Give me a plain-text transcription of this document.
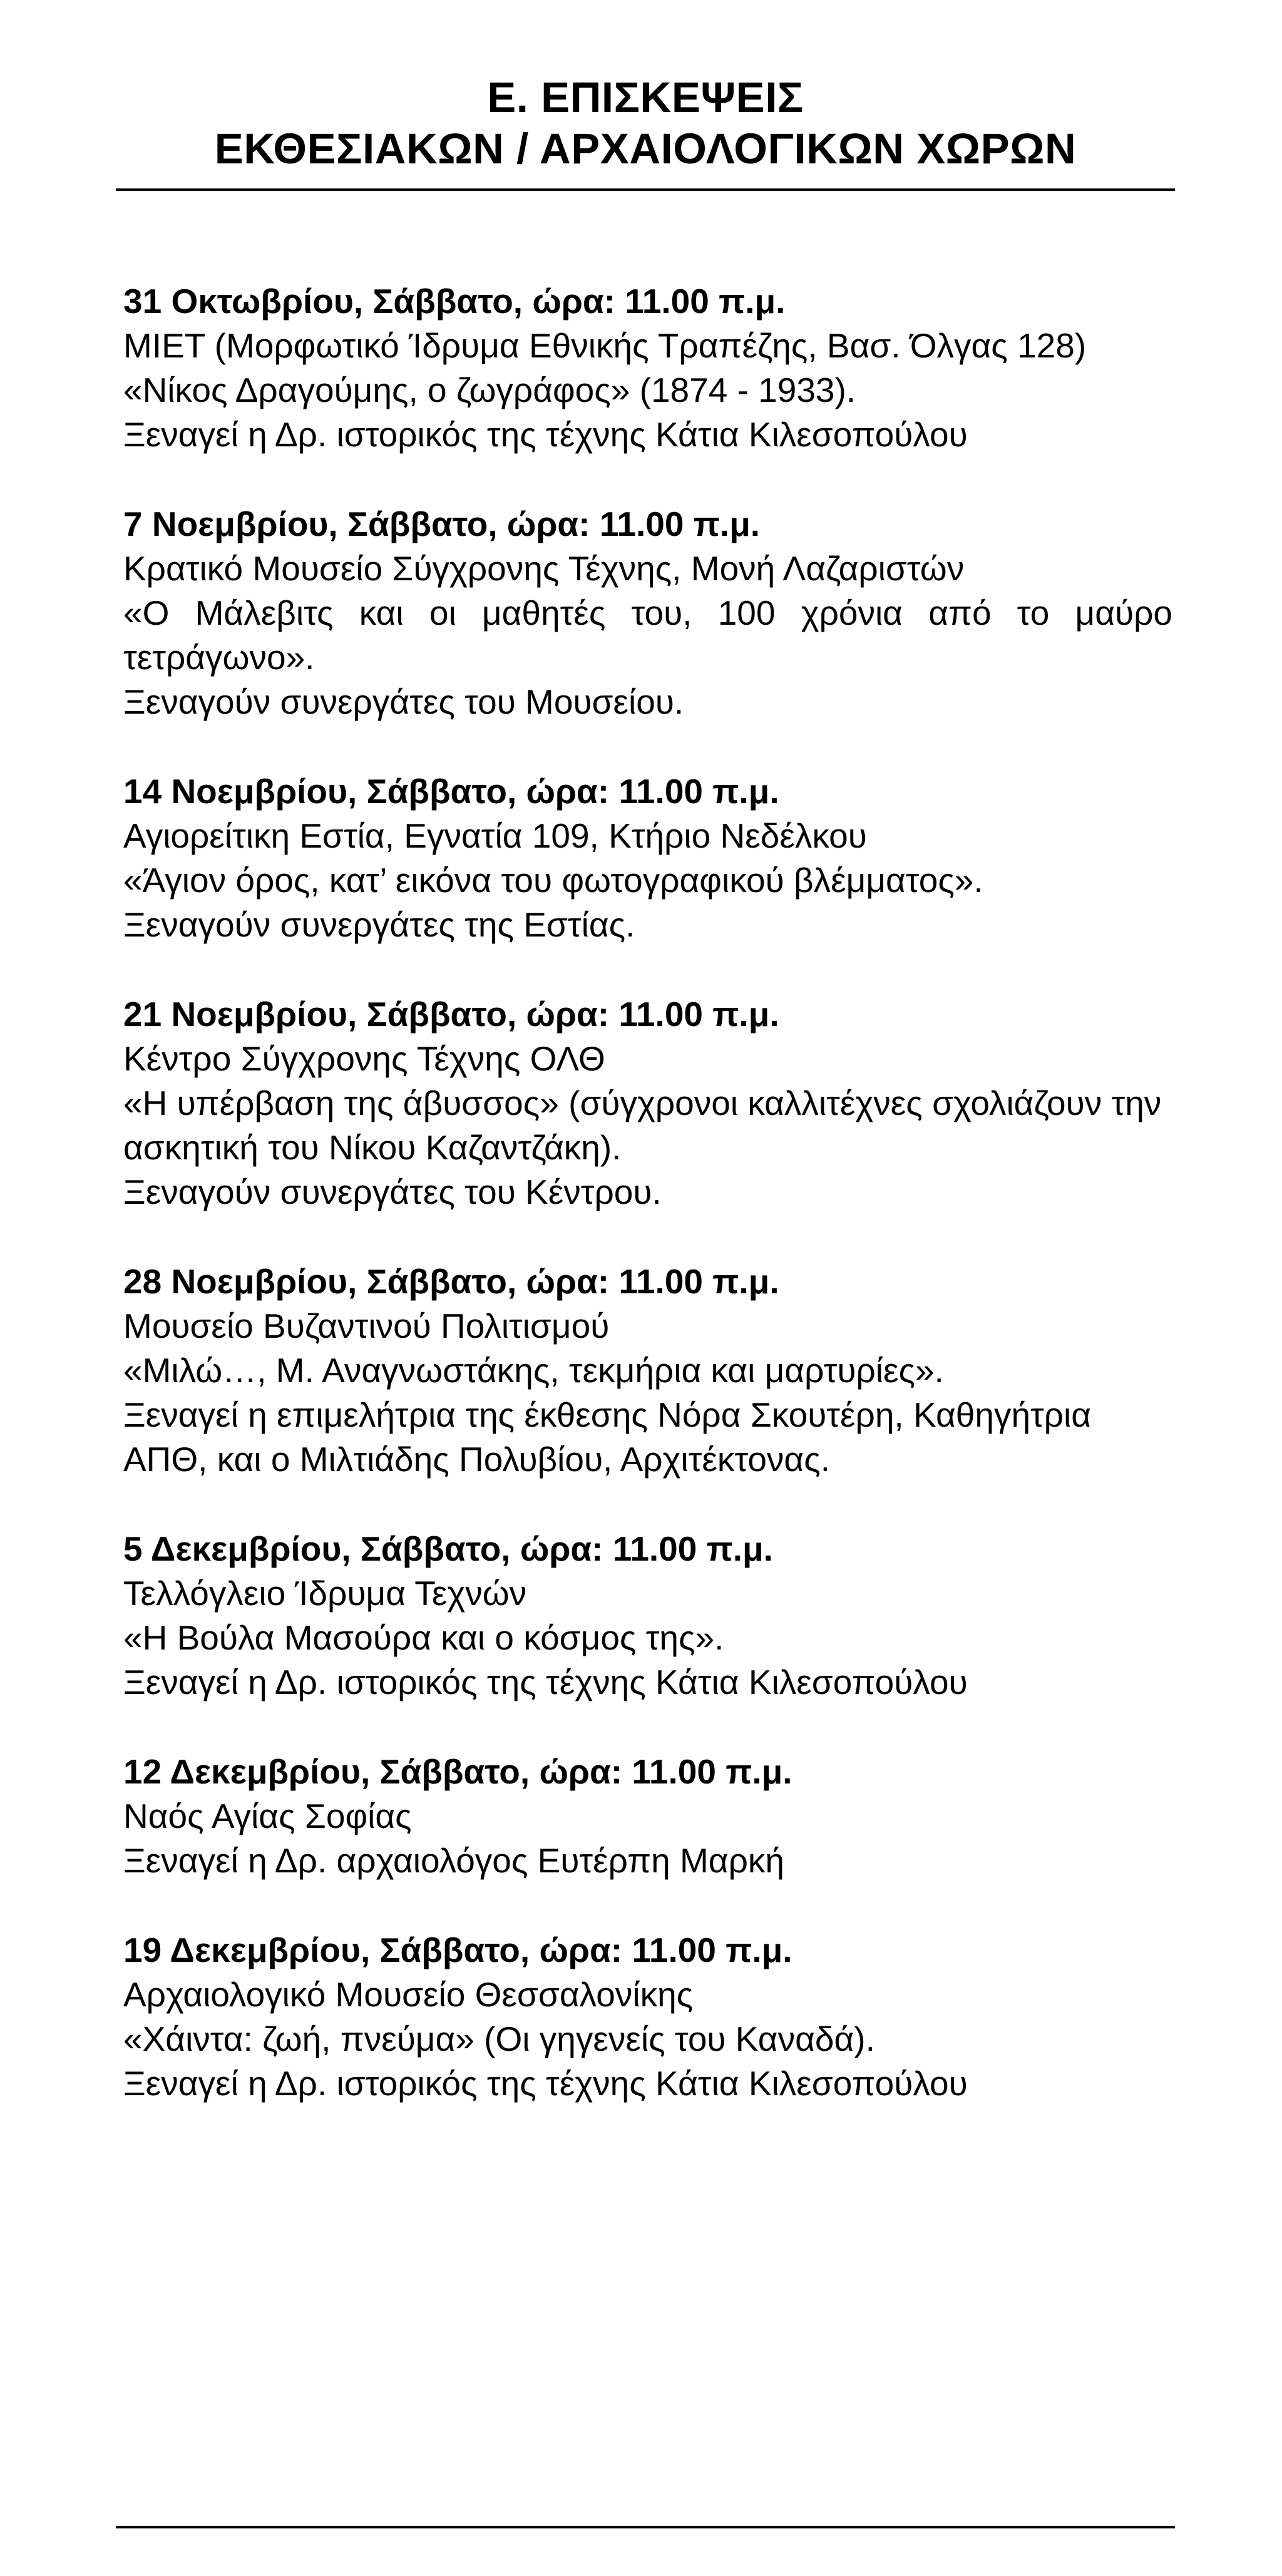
Ε. ΕΠΙΣΚΕΨΕΙΣ
ΕΚΘΕΣΙΑΚΩΝ / ΑΡΧΑΙΟΛΟΓΙΚΩΝ ΧΩΡΩΝ
31 Οκτωβρίου, Σάββατο, ώρα: 11.00 π.μ.
ΜΙΕΤ (Μορφωτικό Ίδρυμα Εθνικής Τραπέζης, Βασ. Όλγας 128)
«Νίκος Δραγούμης, ο ζωγράφος» (1874 - 1933).
Ξεναγεί η Δρ. ιστορικός της τέχνης Κάτια Κιλεσοπούλου
7 Νοεμβρίου, Σάββατο, ώρα: 11.00 π.μ.
Κρατικό Μουσείο Σύγχρονης Τέχνης, Μονή Λαζαριστών
«Ο Μάλεβιτς και οι μαθητές του, 100 χρόνια από το μαύρο τετράγωνο».
Ξεναγούν συνεργάτες του Μουσείου.
14 Νοεμβρίου, Σάββατο, ώρα: 11.00 π.μ.
Αγιορείτικη Εστία, Εγνατία 109, Κτήριο Νεδέλκου
«Άγιον όρος, κατ’ εικόνα του φωτογραφικού βλέμματος».
Ξεναγούν συνεργάτες της Εστίας.
21 Νοεμβρίου, Σάββατο, ώρα: 11.00 π.μ.
Κέντρο Σύγχρονης Τέχνης ΟΛΘ
«Η υπέρβαση της άβυσσος» (σύγχρονοι καλλιτέχνες σχολιάζουν την ασκητική του Νίκου Καζαντζάκη).
Ξεναγούν συνεργάτες του Κέντρου.
28 Νοεμβρίου, Σάββατο, ώρα: 11.00 π.μ.
Μουσείο Βυζαντινού Πολιτισμού
«Μιλώ…, Μ. Αναγνωστάκης, τεκμήρια και μαρτυρίες».
Ξεναγεί η επιμελήτρια της έκθεσης Νόρα Σκουτέρη, Καθηγήτρια ΑΠΘ, και ο Μιλτιάδης Πολυβίου, Αρχιτέκτονας.
5 Δεκεμβρίου, Σάββατο, ώρα: 11.00 π.μ.
Τελλόγλειο Ίδρυμα Τεχνών
«Η Βούλα Μασούρα και ο κόσμος της».
Ξεναγεί η Δρ. ιστορικός της τέχνης Κάτια Κιλεσοπούλου
12 Δεκεμβρίου, Σάββατο, ώρα: 11.00 π.μ.
Ναός Αγίας Σοφίας
Ξεναγεί η Δρ. αρχαιολόγος Ευτέρπη Μαρκή
19 Δεκεμβρίου, Σάββατο, ώρα: 11.00 π.μ.
Αρχαιολογικό Μουσείο Θεσσαλονίκης
«Χάιντα: ζωή, πνεύμα» (Οι γηγενείς του Καναδά).
Ξεναγεί η Δρ. ιστορικός της τέχνης Κάτια Κιλεσοπούλου
